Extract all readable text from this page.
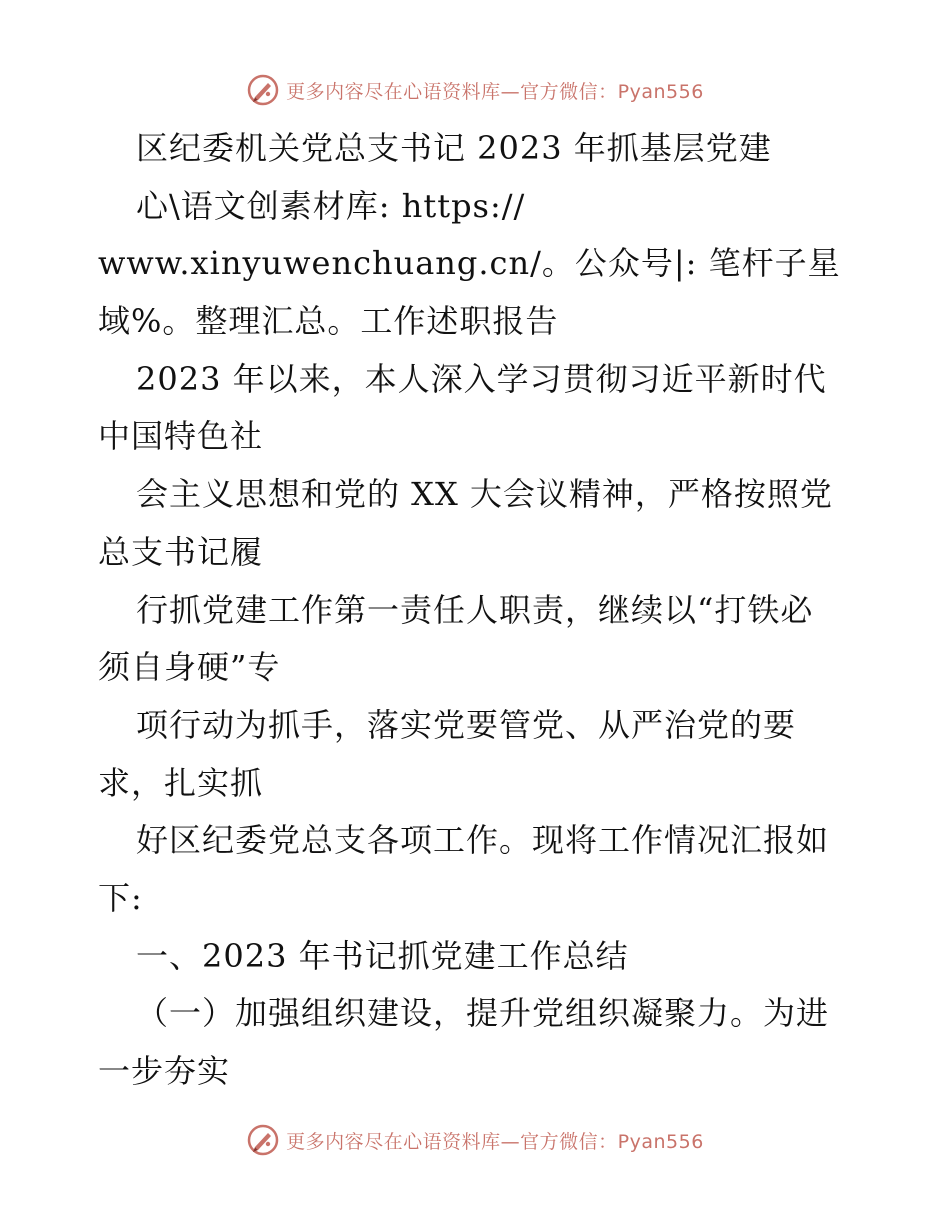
更多内容尽在心语资料库—官方微信：Pyan556
区纪委机关党总支书记 2023 年抓基层党建
心\语文创素材库: https://
www.xinyuwenchuang.cn/。公众号|: 笔杆子星
域%。整理汇总。工作述职报告
2023 年以来，本人深入学习贯彻习近平新时代
中国特色社
会主义思想和党的 XX 大会议精神，严格按照党
总支书记履
行抓党建工作第一责任人职责，继续以“打铁必
须自身硬”专
项行动为抓手，落实党要管党、从严治党的要
求，扎实抓
好区纪委党总支各项工作。现将工作情况汇报如
下:
一、2023 年书记抓党建工作总结
（一）加强组织建设，提升党组织凝聚力。为进
一步夯实
更多内容尽在心语资料库—官方微信：Pyan556
